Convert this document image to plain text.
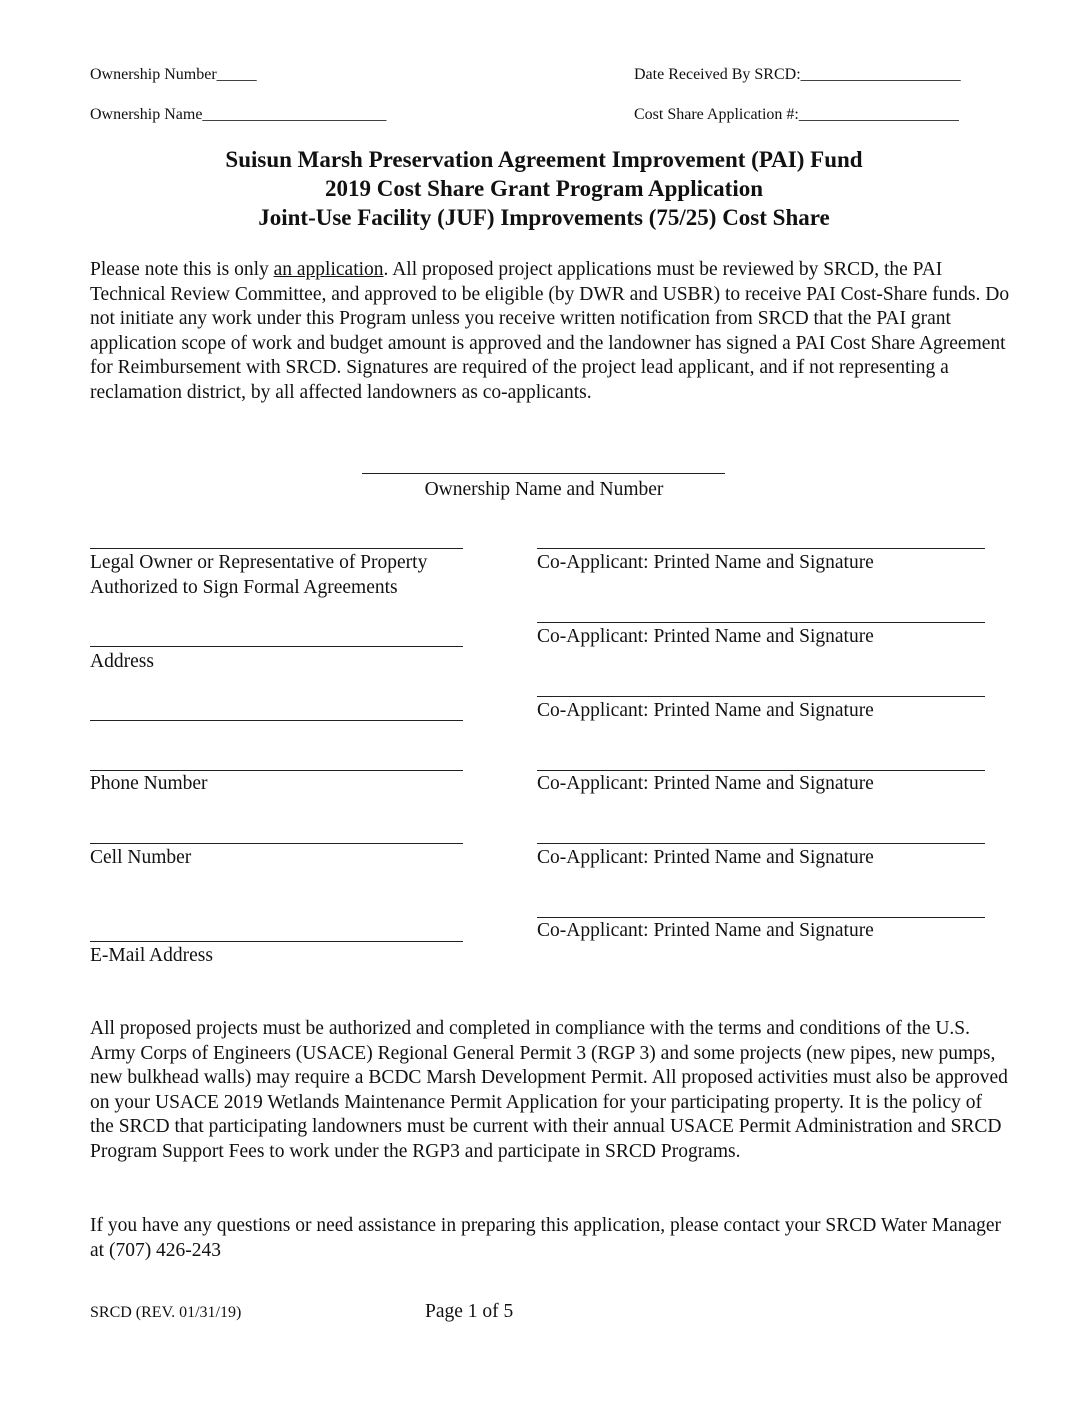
Ownership Number_____	Date Received By SRCD:____________________
Ownership Name_______________________	Cost Share Application #:____________________
Suisun Marsh Preservation Agreement Improvement (PAI) Fund
2019 Cost Share Grant Program Application
Joint-Use Facility (JUF) Improvements (75/25) Cost Share

Please note this is only an application. All proposed project applications must be reviewed by SRCD, the PAI Technical Review Committee, and approved to be eligible (by DWR and USBR) to receive PAI Cost-Share funds. Do not initiate any work under this Program unless you receive written notification from SRCD that the PAI grant application scope of work and budget amount is approved and the landowner has signed a PAI Cost Share Agreement for Reimbursement with SRCD. Signatures are required of the project lead applicant, and if not representing a reclamation district, by all affected landowners as co-applicants.

Ownership Name and Number
Legal Owner or Representative of Property
Authorized to Sign Formal Agreements
Address
Phone Number
Cell Number
E-Mail Address
Co-Applicant: Printed Name and Signature
Co-Applicant: Printed Name and Signature
Co-Applicant: Printed Name and Signature
Co-Applicant: Printed Name and Signature
Co-Applicant: Printed Name and Signature
Co-Applicant: Printed Name and Signature
All proposed projects must be authorized and completed in compliance with the terms and conditions of the U.S. Army Corps of Engineers (USACE) Regional General Permit 3 (RGP 3) and some projects (new pipes, new pumps, new bulkhead walls) may require a BCDC Marsh Development Permit. All proposed activities must also be approved on your USACE 2019 Wetlands Maintenance Permit Application for your participating property. It is the policy of the SRCD that participating landowners must be current with their annual USACE Permit Administration and SRCD Program Support Fees to work under the RGP3 and participate in SRCD Programs.
If you have any questions or need assistance in preparing this application, please contact your SRCD Water Manager at (707) 426-243
SRCD (REV. 01/31/19)	Page 1 of 5
